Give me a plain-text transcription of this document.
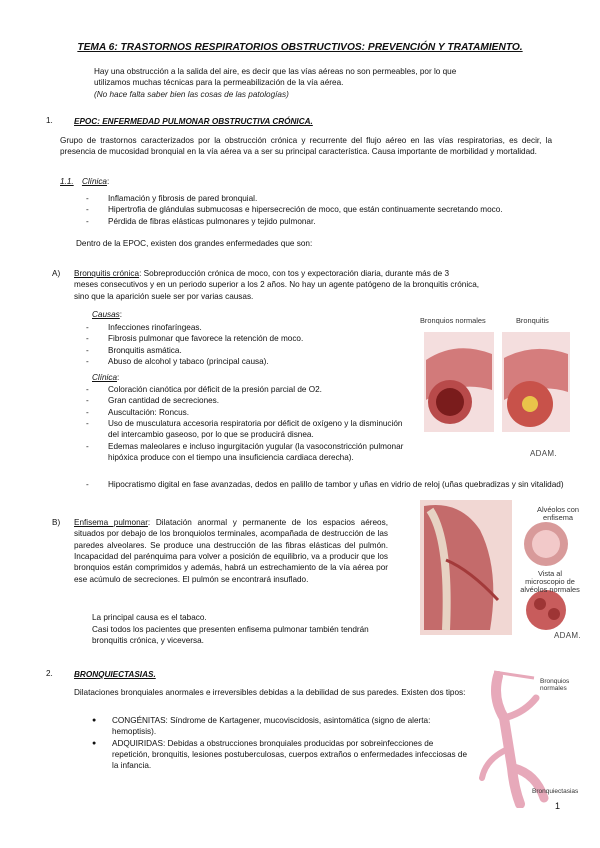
TEMA 6: TRASTORNOS RESPIRATORIOS OBSTRUCTIVOS: PREVENCIÓN Y TRATAMIENTO.
Hay una obstrucción a la salida del aire, es decir que las vías aéreas no son permeables, por lo que
utilizamos muchas técnicas para la permeabilización de la vía aérea.
(No hace falta saber bien las cosas de las patologías)
1.	EPOC: ENFERMEDAD PULMONAR OBSTRUCTIVA CRÓNICA.
Grupo de trastornos caracterizados por la obstrucción crónica y recurrente del flujo aéreo en las vías respiratorias, es decir, la presencia de mucosidad bronquial en la vía aérea va a ser su principal característica. Causa importante de morbilidad y mortalidad.
1.1. Clínica:
- Inflamación y fibrosis de pared bronquial.
- Hipertrofia de glándulas submucosas e hipersecreción de moco, que están continuamente secretando moco.
- Pérdida de fibras elásticas pulmonares y tejido pulmonar.
Dentro de la EPOC, existen dos grandes enfermedades que son:
A) Bronquitis crónica: Sobreproducción crónica de moco, con tos y expectoración diaria, durante más de 3
meses consecutivos y en un periodo superior a los 2 años. No hay un agente patógeno de la bronquitis crónica,
sino que la aparición suele ser por varias causas.
Causas:
- Infecciones rinofaríngeas.
- Fibrosis pulmonar que favorece la retención de moco.
- Bronquitis asmática.
- Abuso de alcohol y tabaco (principal causa).
Clínica:
- Coloración cianótica por déficit de la presión parcial de O2.
- Gran cantidad de secreciones.
- Auscultación: Roncus.
- Uso de musculatura accesoria respiratoria por déficit de oxígeno y la disminución del intercambio gaseoso, por lo que se producirá disnea.
- Edemas maleolares e incluso ingurgitación yugular (la vasoconstricción pulmonar hipóxica produce con el tiempo una insuficiencia cardiaca derecha).
- Hipocratismo digital en fase avanzadas, dedos en palillo de tambor y uñas en vidrio de reloj (uñas quebradizas y sin vitalidad)
Bronquios normales	Bronquitis
ADAM.
B) Enfisema pulmonar: Dilatación anormal y permanente de los espacios aéreos, situados por debajo de los bronquiolos terminales, acompañada de destrucción de las paredes alveolares. Se produce una destrucción de las fibras elásticas del pulmón. Incapacidad del parénquima para volver a posición de equilibrio, va a producir que los bronquios están comprimidos y además, habrá un estrechamiento de la vía aérea por ese acúmulo de secreciones. El pulmón se encontrará insuflado.
La principal causa es el tabaco.
Casi todos los pacientes que presenten enfisema pulmonar también tendrán
bronquitis crónica, y viceversa.
Alvéolos con enfisema
Vista al microscopio de alvéolos normales
ADAM.
2.	BRONQUIECTASIAS.
Dilataciones bronquiales anormales e irreversibles debidas a la debilidad de sus paredes. Existen dos tipos:
● CONGÉNITAS: Síndrome de Kartagener, mucoviscidosis, asintomática (signo de alerta: hemoptisis).
● ADQUIRIDAS: Debidas a obstrucciones bronquiales producidas por sobreinfecciones de repetición, bronquitis, lesiones postuberculosas, cuerpos extraños o enfermedades infecciosas de la infancia.
Bronquios normales
Bronquiectasias
1
